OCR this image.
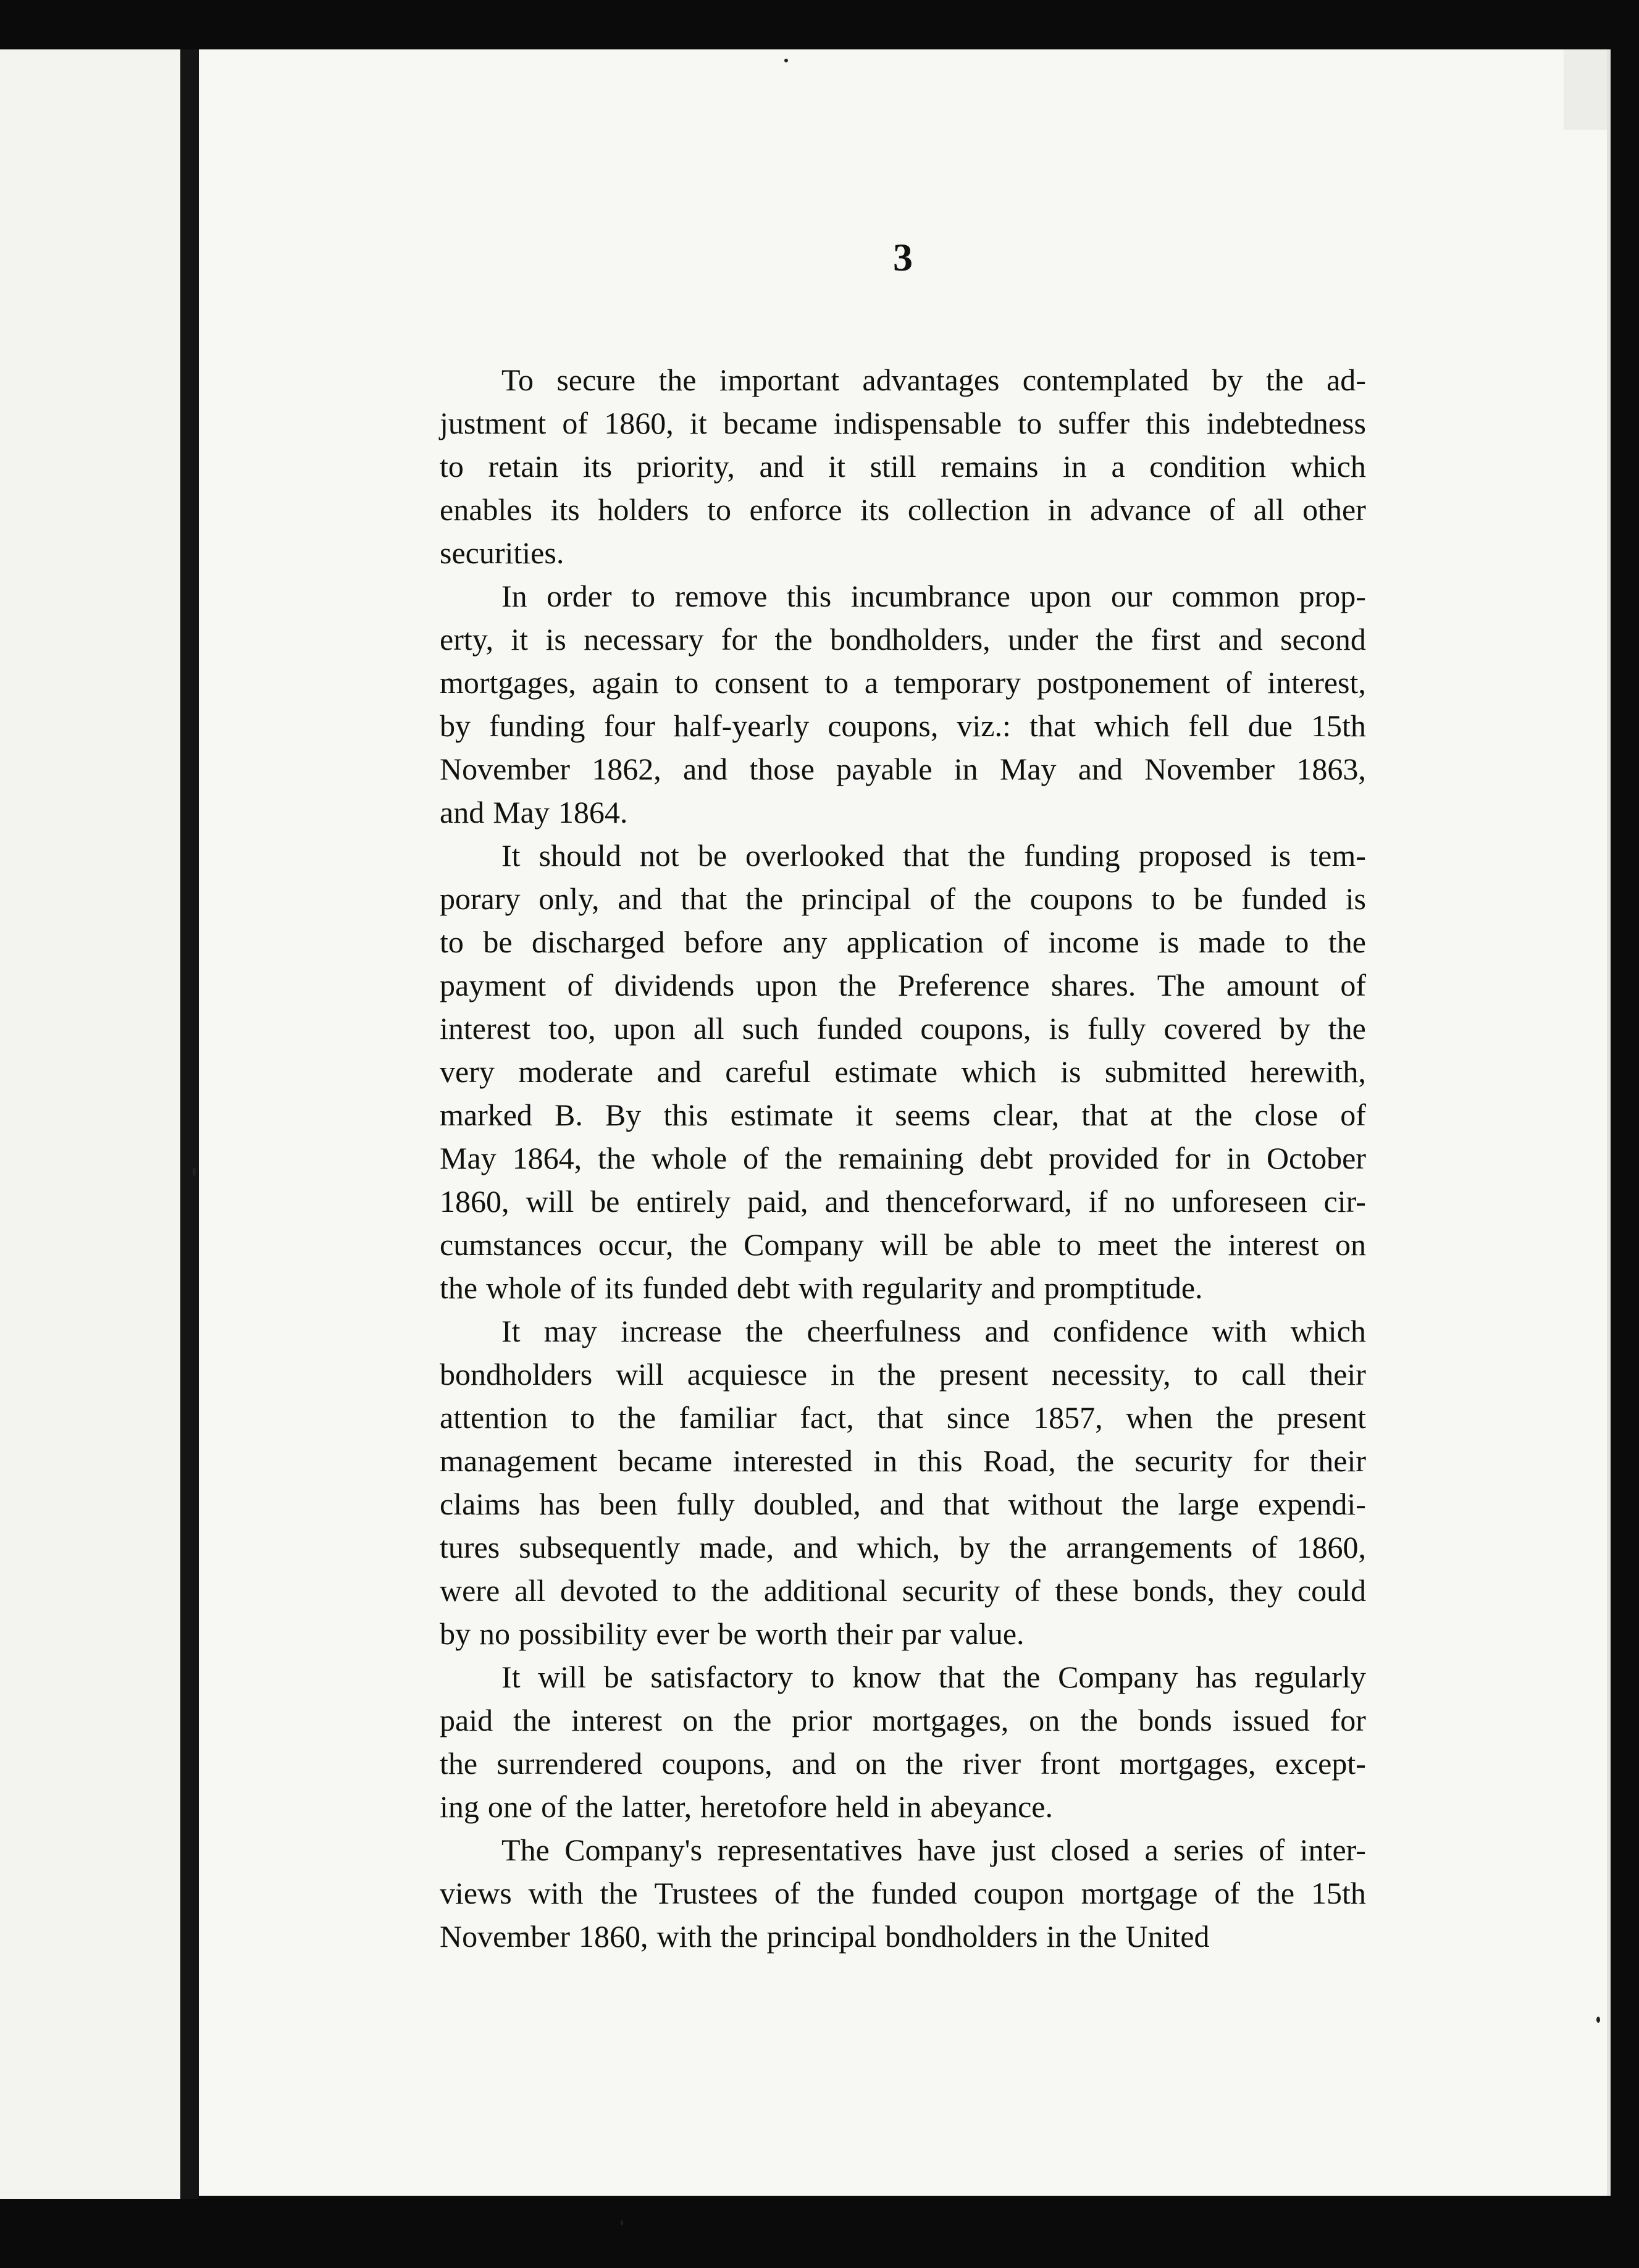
3
To secure the important advantages contemplated by the ad-
justment of 1860, it became indispensable to suffer this indebtedness
to retain its priority, and it still remains in a condition which
enables its holders to enforce its collection in advance of all other
securities.
In order to remove this incumbrance upon our common prop-
erty, it is necessary for the bondholders, under the first and second
mortgages, again to consent to a temporary postponement of interest,
by funding four half-yearly coupons, viz.: that which fell due 15th
November 1862, and those payable in May and November 1863,
and May 1864.
It should not be overlooked that the funding proposed is tem-
porary only, and that the principal of the coupons to be funded is
to be discharged before any application of income is made to the
payment of dividends upon the Preference shares. The amount of
interest too, upon all such funded coupons, is fully covered by the
very moderate and careful estimate which is submitted herewith,
marked B. By this estimate it seems clear, that at the close of
May 1864, the whole of the remaining debt provided for in October
1860, will be entirely paid, and thenceforward, if no unforeseen cir-
cumstances occur, the Company will be able to meet the interest on
the whole of its funded debt with regularity and promptitude.
It may increase the cheerfulness and confidence with which
bondholders will acquiesce in the present necessity, to call their
attention to the familiar fact, that since 1857, when the present
management became interested in this Road, the security for their
claims has been fully doubled, and that without the large expendi-
tures subsequently made, and which, by the arrangements of 1860,
were all devoted to the additional security of these bonds, they could
by no possibility ever be worth their par value.
It will be satisfactory to know that the Company has regularly
paid the interest on the prior mortgages, on the bonds issued for
the surrendered coupons, and on the river front mortgages, except-
ing one of the latter, heretofore held in abeyance.
The Company's representatives have just closed a series of inter-
views with the Trustees of the funded coupon mortgage of the 15th
November 1860, with the principal bondholders in the United
